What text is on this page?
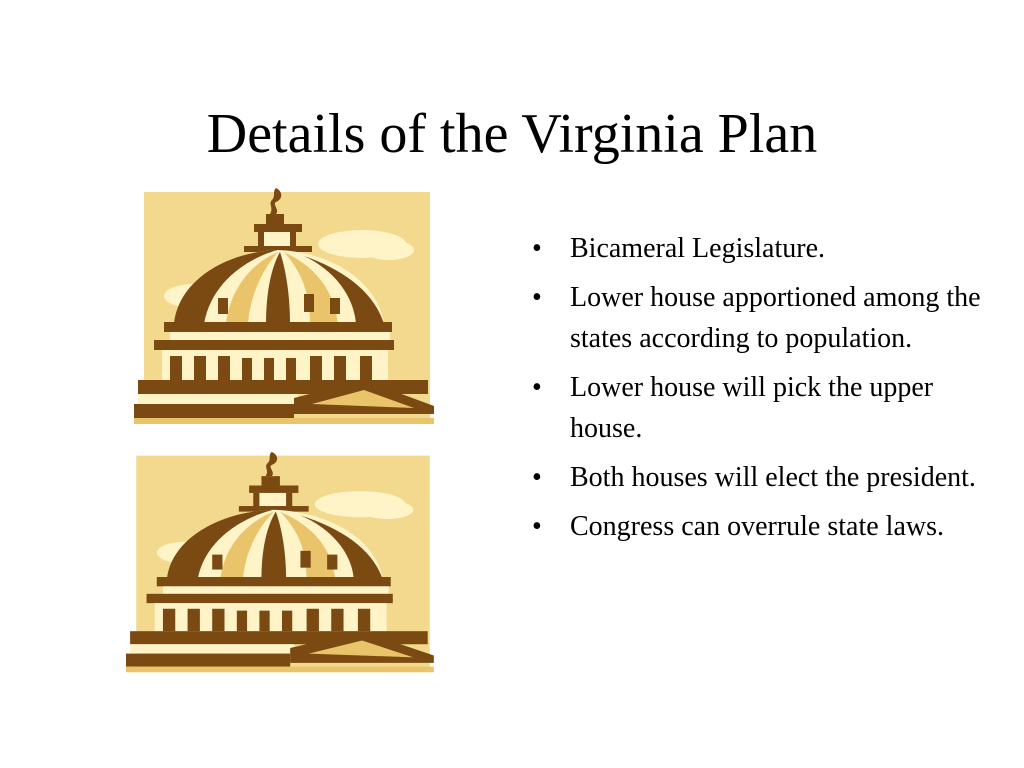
Details of the Virginia Plan
• Bicameral Legislature.
• Lower house apportioned among the states according to population.
• Lower house will pick the upper house.
• Both houses will elect the president.
• Congress can overrule state laws.
